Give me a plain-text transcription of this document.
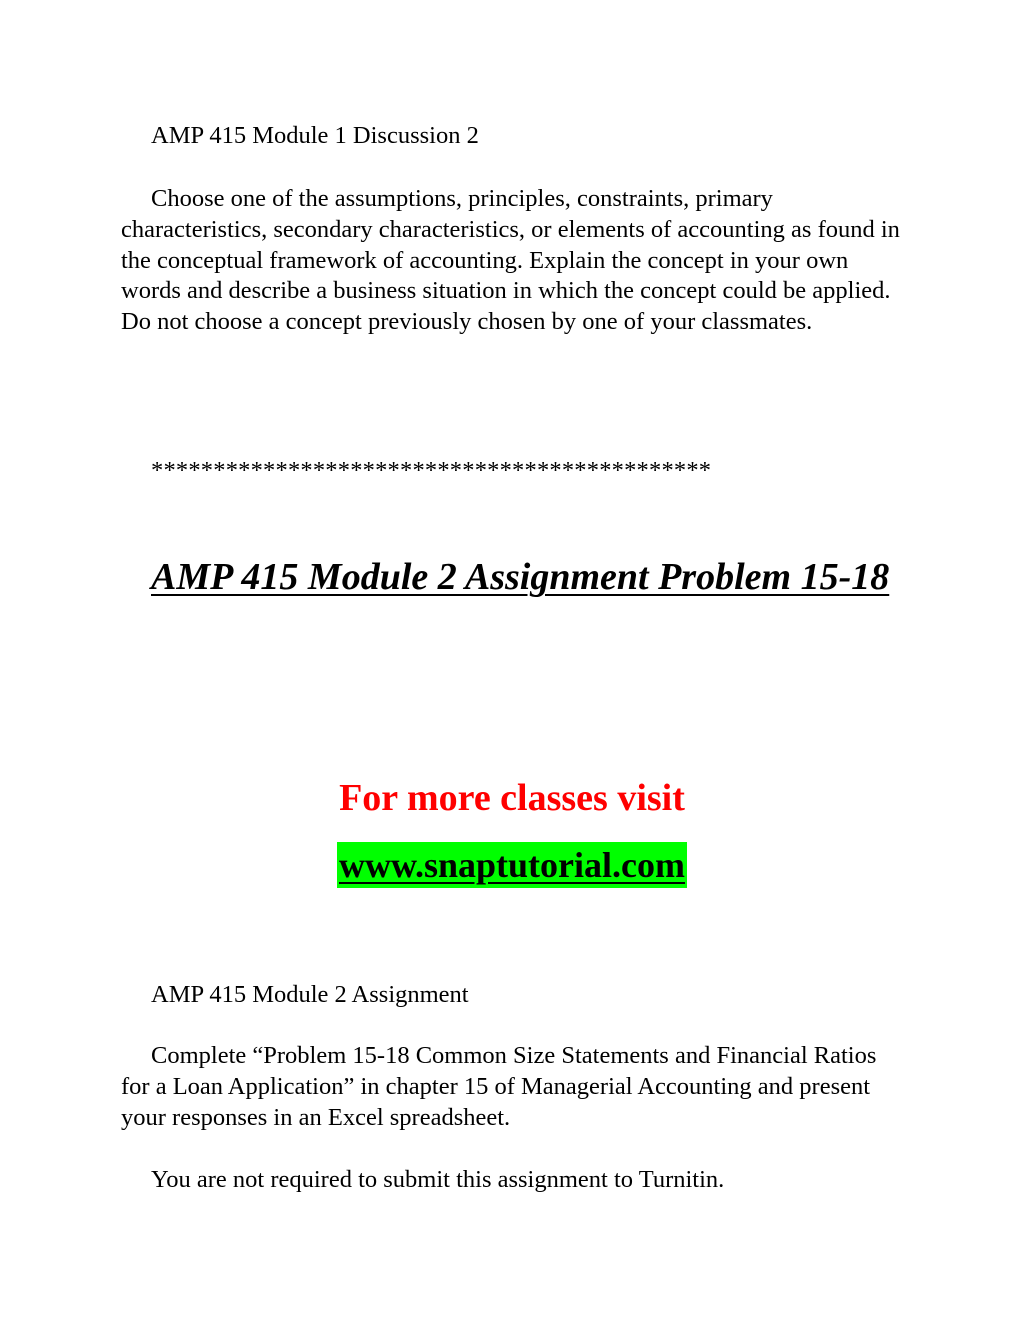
AMP 415 Module 1 Discussion 2

Choose one of the assumptions, principles, constraints, primary characteristics, secondary characteristics, or elements of accounting as found in the conceptual framework of accounting. Explain the concept in your own words and describe a business situation in which the concept could be applied. Do not choose a concept previously chosen by one of your classmates.

*********************************************
AMP 415 Module 2 Assignment Problem 15-18
For more classes visit
www.snaptutorial.com

AMP 415 Module 2 Assignment

Complete “Problem 15-18 Common Size Statements and Financial Ratios for a Loan Application” in chapter 15 of Managerial Accounting and present your responses in an Excel spreadsheet.

You are not required to submit this assignment to Turnitin.
